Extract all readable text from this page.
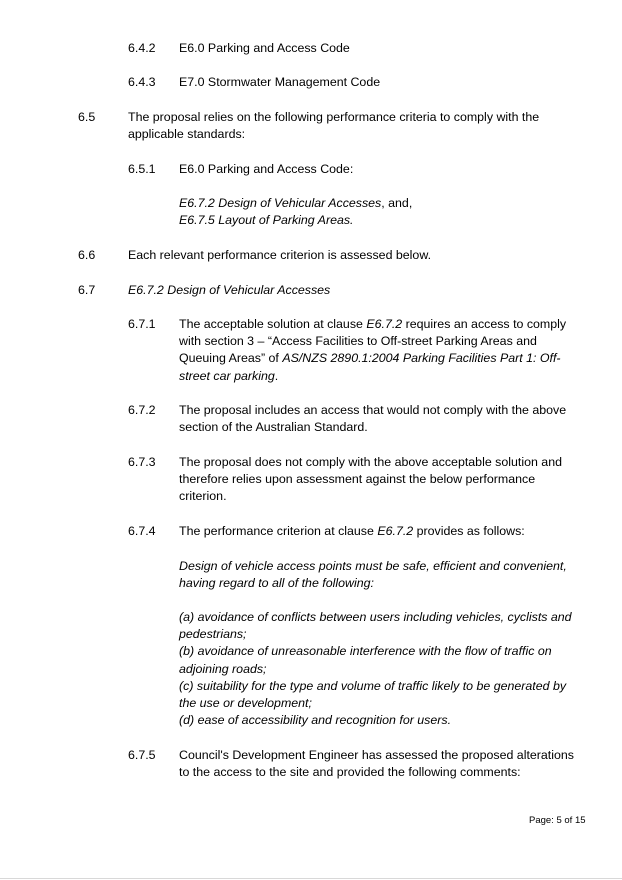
6.4.2 E6.0 Parking and Access Code

6.4.3 E7.0 Stormwater Management Code

6.5	The proposal relies on the following performance criteria to comply with the
applicable standards:

6.5.1 E6.0 Parking and Access Code:

E6.7.2 Design of Vehicular Accesses, and,
E6.7.5 Layout of Parking Areas.

6.6	Each relevant performance criterion is assessed below.

6.7	E6.7.2 Design of Vehicular Accesses

6.7.1 The acceptable solution at clause E6.7.2 requires an access to comply
with section 3 – “Access Facilities to Off-street Parking Areas and
Queuing Areas” of AS/NZS 2890.1:2004 Parking Facilities Part 1: Off-
street car parking.

6.7.2 The proposal includes an access that would not comply with the above
section of the Australian Standard.

6.7.3 The proposal does not comply with the above acceptable solution and
therefore relies upon assessment against the below performance
criterion.

6.7.4 The performance criterion at clause E6.7.2 provides as follows:

Design of vehicle access points must be safe, efficient and convenient,
having regard to all of the following:
(a) avoidance of conflicts between users including vehicles, cyclists and
pedestrians;
(b) avoidance of unreasonable interference with the flow of traffic on
adjoining roads;
(c) suitability for the type and volume of traffic likely to be generated by
the use or development;
(d) ease of accessibility and recognition for users.

6.7.5 Council's Development Engineer has assessed the proposed alterations
to the access to the site and provided the following comments:
Page: 5 of 15
